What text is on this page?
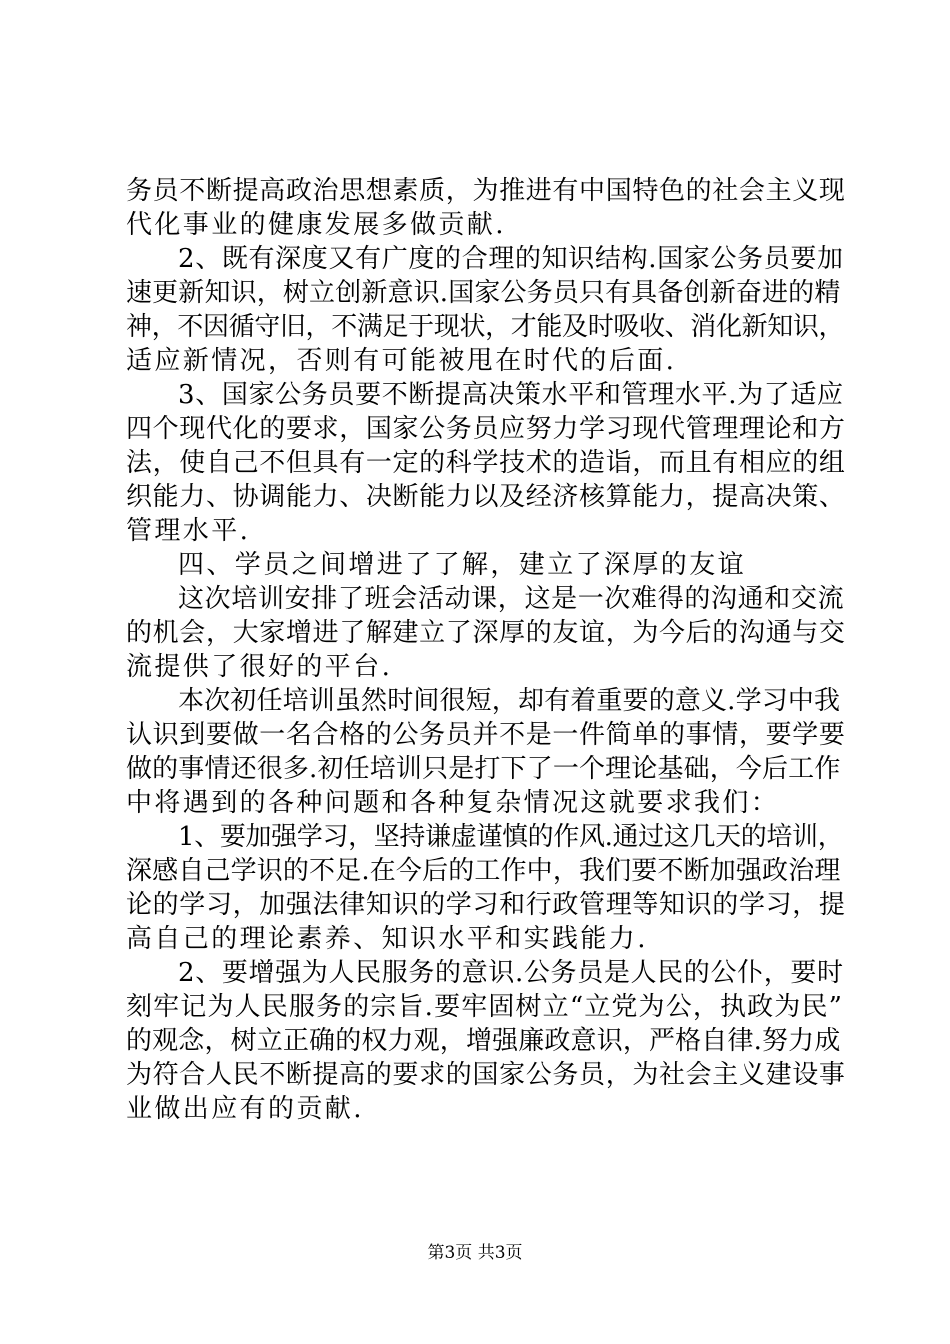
务员不断提高政治思想素质，为推进有中国特色的社会主义现
代化事业的健康发展多做贡献.
2、既有深度又有广度的合理的知识结构.国家公务员要加
速更新知识，树立创新意识.国家公务员只有具备创新奋进的精
神，不因循守旧，不满足于现状，才能及时吸收、消化新知识，
适应新情况，否则有可能被甩在时代的后面.
3、国家公务员要不断提高决策水平和管理水平.为了适应
四个现代化的要求，国家公务员应努力学习现代管理理论和方
法，使自己不但具有一定的科学技术的造诣，而且有相应的组
织能力、协调能力、决断能力以及经济核算能力，提高决策、
管理水平.
四、学员之间增进了了解，建立了深厚的友谊
这次培训安排了班会活动课，这是一次难得的沟通和交流
的机会，大家增进了解建立了深厚的友谊，为今后的沟通与交
流提供了很好的平台.
本次初任培训虽然时间很短，却有着重要的意义.学习中我
认识到要做一名合格的公务员并不是一件简单的事情，要学要
做的事情还很多.初任培训只是打下了一个理论基础，今后工作
中将遇到的各种问题和各种复杂情况这就要求我们：
1、要加强学习，坚持谦虚谨慎的作风.通过这几天的培训，
深感自己学识的不足.在今后的工作中，我们要不断加强政治理
论的学习，加强法律知识的学习和行政管理等知识的学习，提
高自己的理论素养、知识水平和实践能力.
2、要增强为人民服务的意识.公务员是人民的公仆，要时
刻牢记为人民服务的宗旨.要牢固树立“立党为公，执政为民”
的观念，树立正确的权力观，增强廉政意识，严格自律.努力成
为符合人民不断提高的要求的国家公务员，为社会主义建设事
业做出应有的贡献.
第3页 共3页
